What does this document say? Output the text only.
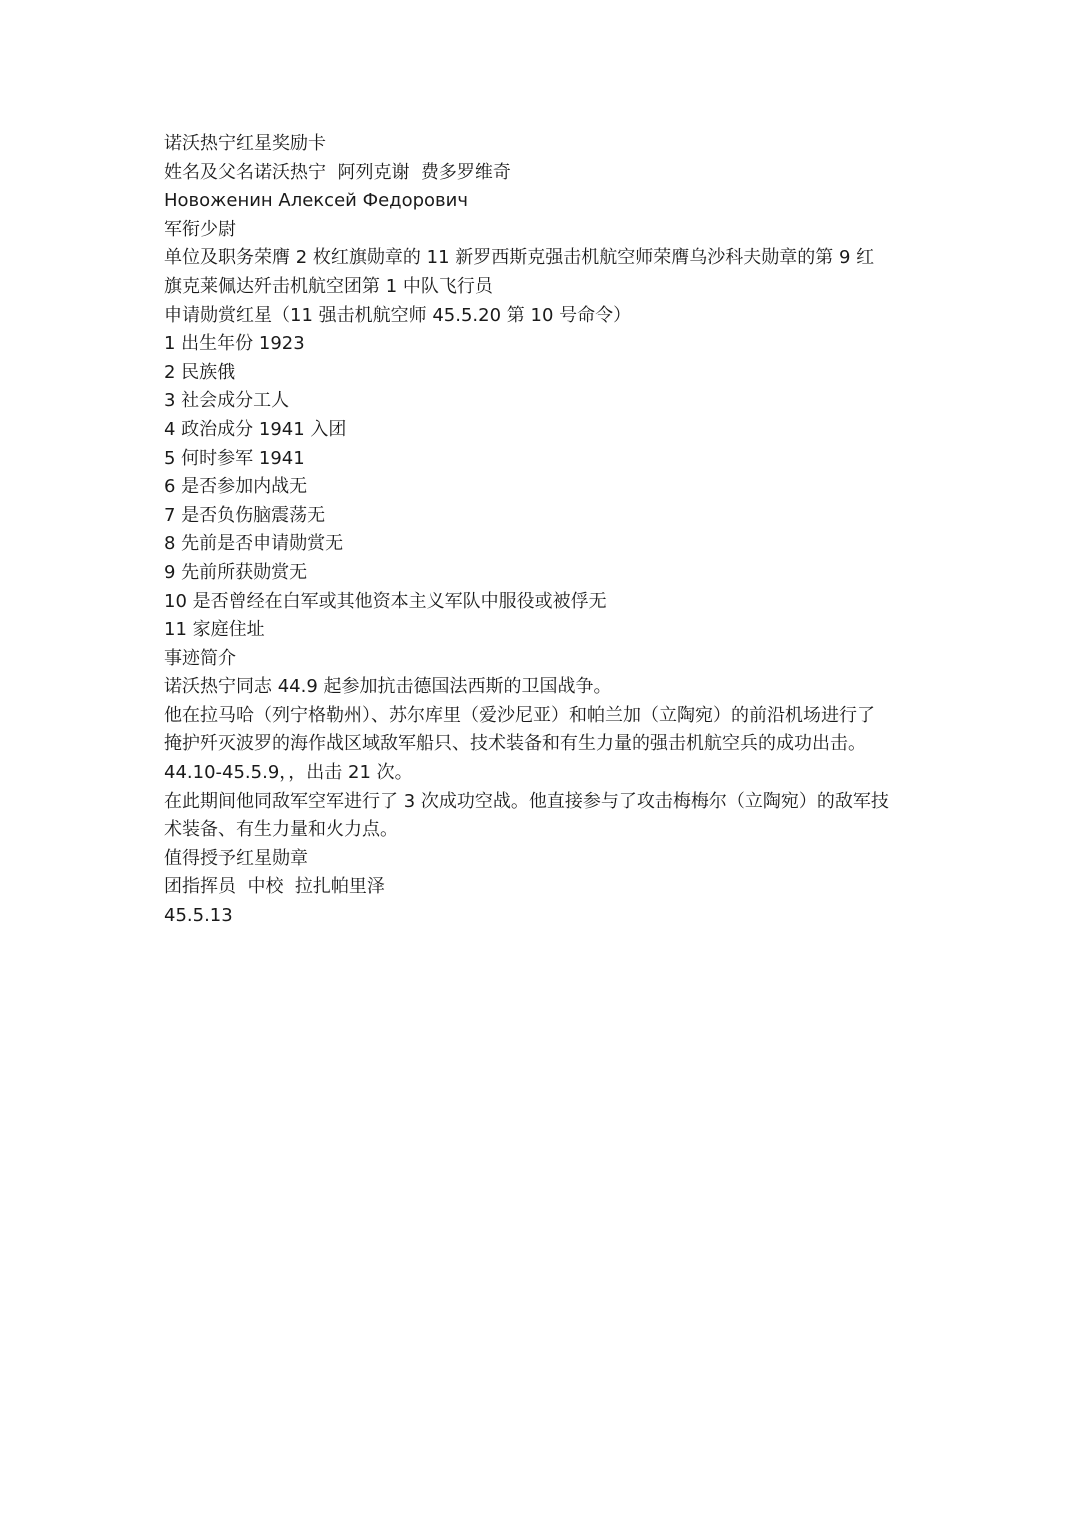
诺沃热宁红星奖励卡
姓名及父名诺沃热宁  阿列克谢  费多罗维奇
Новоженин Алексей Федорович
军衔少尉
单位及职务荣膺 2 枚红旗勋章的 11 新罗西斯克强击机航空师荣膺乌沙科夫勋章的第 9 红
旗克莱佩达歼击机航空团第 1 中队飞行员
申请勋赏红星（11 强击机航空师 45.5.20 第 10 号命令）
1 出生年份 1923
2 民族俄
3 社会成分工人
4 政治成分 1941 入团
5 何时参军 1941
6 是否参加内战无
7 是否负伤脑震荡无
8 先前是否申请勋赏无
9 先前所获勋赏无
10 是否曾经在白军或其他资本主义军队中服役或被俘无
11 家庭住址
事迹简介
诺沃热宁同志 44.9 起参加抗击德国法西斯的卫国战争。
他在拉马哈（列宁格勒州）、苏尔库里（爱沙尼亚）和帕兰加（立陶宛）的前沿机场进行了
掩护歼灭波罗的海作战区域敌军船只、技术装备和有生力量的强击机航空兵的成功出击。
44.10-45.5.9，，出击 21 次。
在此期间他同敌军空军进行了 3 次成功空战。他直接参与了攻击梅梅尔（立陶宛）的敌军技
术装备、有生力量和火力点。
值得授予红星勋章
团指挥员  中校  拉扎帕里泽
45.5.13
